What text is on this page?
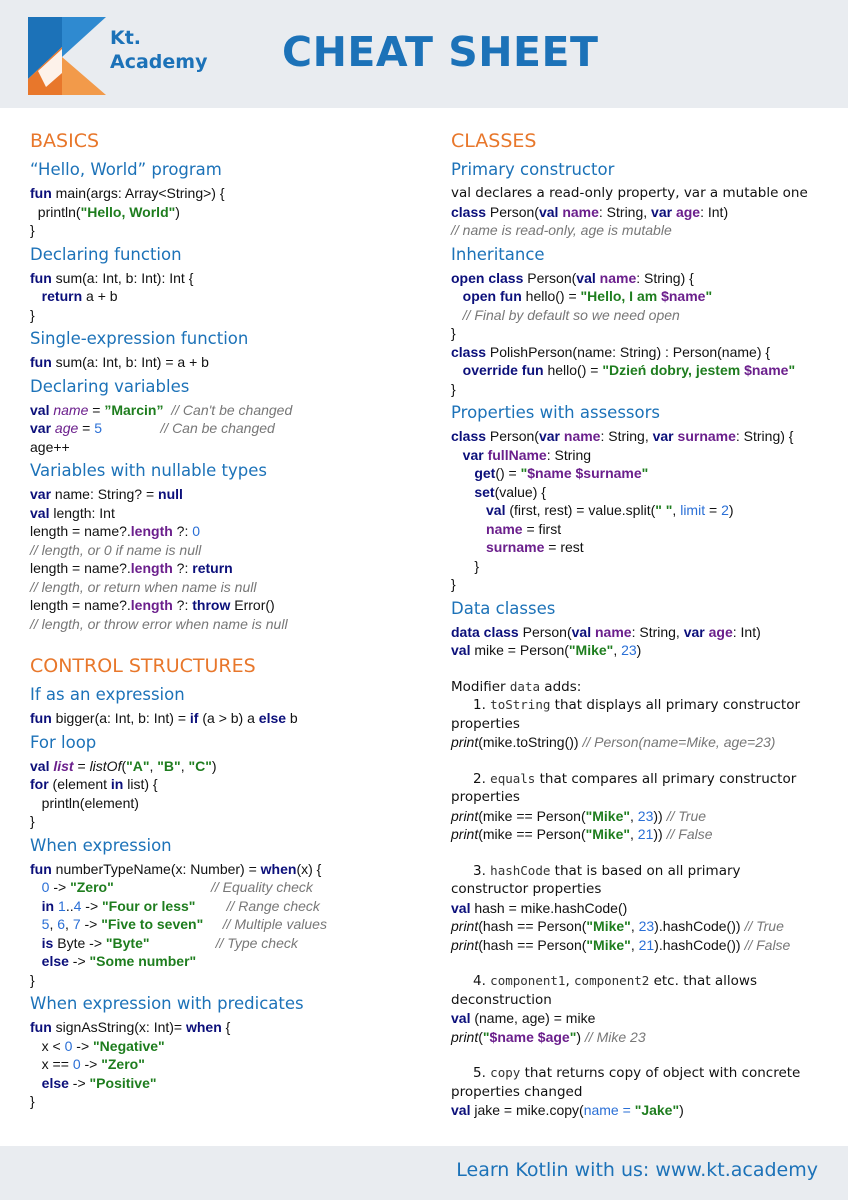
Kt.
Academy CHEAT SHEET
BASICS
“Hello, World” program
fun main(args: Array<String>) {
println("Hello, World")
}
Declaring function
fun sum(a: Int, b: Int): Int {
return a + b
}
Single-expression function
fun sum(a: Int, b: Int) = a + b
Declaring variables
val name = ”Marcin” // Can't be changed
var age = 5	// Can be changed
age++
Variables with nullable types
var name: String? = null
val length: Int
length = name?.length ?: 0
// length, or 0 if name is null
length = name?.length ?: return
// length, or return when name is null
length = name?.length ?: throw Error()
// length, or throw error when name is null
CONTROL STRUCTURES
If as an expression
fun bigger(a: Int, b: Int) = if (a > b) a else b
For loop
val list = listOf("A", "B", "C")
for (element in list) {
println(element)
}
When expression
fun numberTypeName(x: Number) = when(x) {
0 -> "Zero"	// Equality check
in 1..4 -> "Four or less" // Range check
5, 6, 7 -> "Five to seven" // Multiple values
is Byte -> "Byte"	// Type check
else -> "Some number"
}
When expression with predicates
fun signAsString(x: Int)= when {
x < 0 -> "Negative"
x == 0 -> "Zero"
else -> "Positive"
}
CLASSES
Primary constructor
val declares a read-only property, var a mutable one
class Person(val name: String, var age: Int)
// name is read-only, age is mutable
Inheritance
open class Person(val name: String) {
open fun hello() = "Hello, I am $name"
// Final by default so we need open
}
class PolishPerson(name: String) : Person(name) {
override fun hello() = "Dzień dobry, jestem $name"
}
Properties with assessors
class Person(var name: String, var surname: String) {
var fullName: String
get() = "$name $surname"
set(value) {
val (first, rest) = value.split(" ", limit = 2)
name = first
surname = rest
}
}
Data classes
data class Person(val name: String, var age: Int)
val mike = Person("Mike", 23)
Modifier data adds:
1. toString that displays all primary constructor
properties
print(mike.toString()) // Person(name=Mike, age=23)
2. equals that compares all primary constructor
properties
print(mike == Person("Mike", 23)) // True
print(mike == Person("Mike", 21)) // False
3. hashCode that is based on all primary
constructor properties
val hash = mike.hashCode()
print(hash == Person("Mike", 23).hashCode()) // True
print(hash == Person("Mike", 21).hashCode()) // False
4. component1, component2 etc. that allows
deconstruction
val (name, age) = mike
print("$name $age") // Mike 23
5. copy that returns copy of object with concrete
properties changed
val jake = mike.copy(name = "Jake")
Learn Kotlin with us: www.kt.academy
